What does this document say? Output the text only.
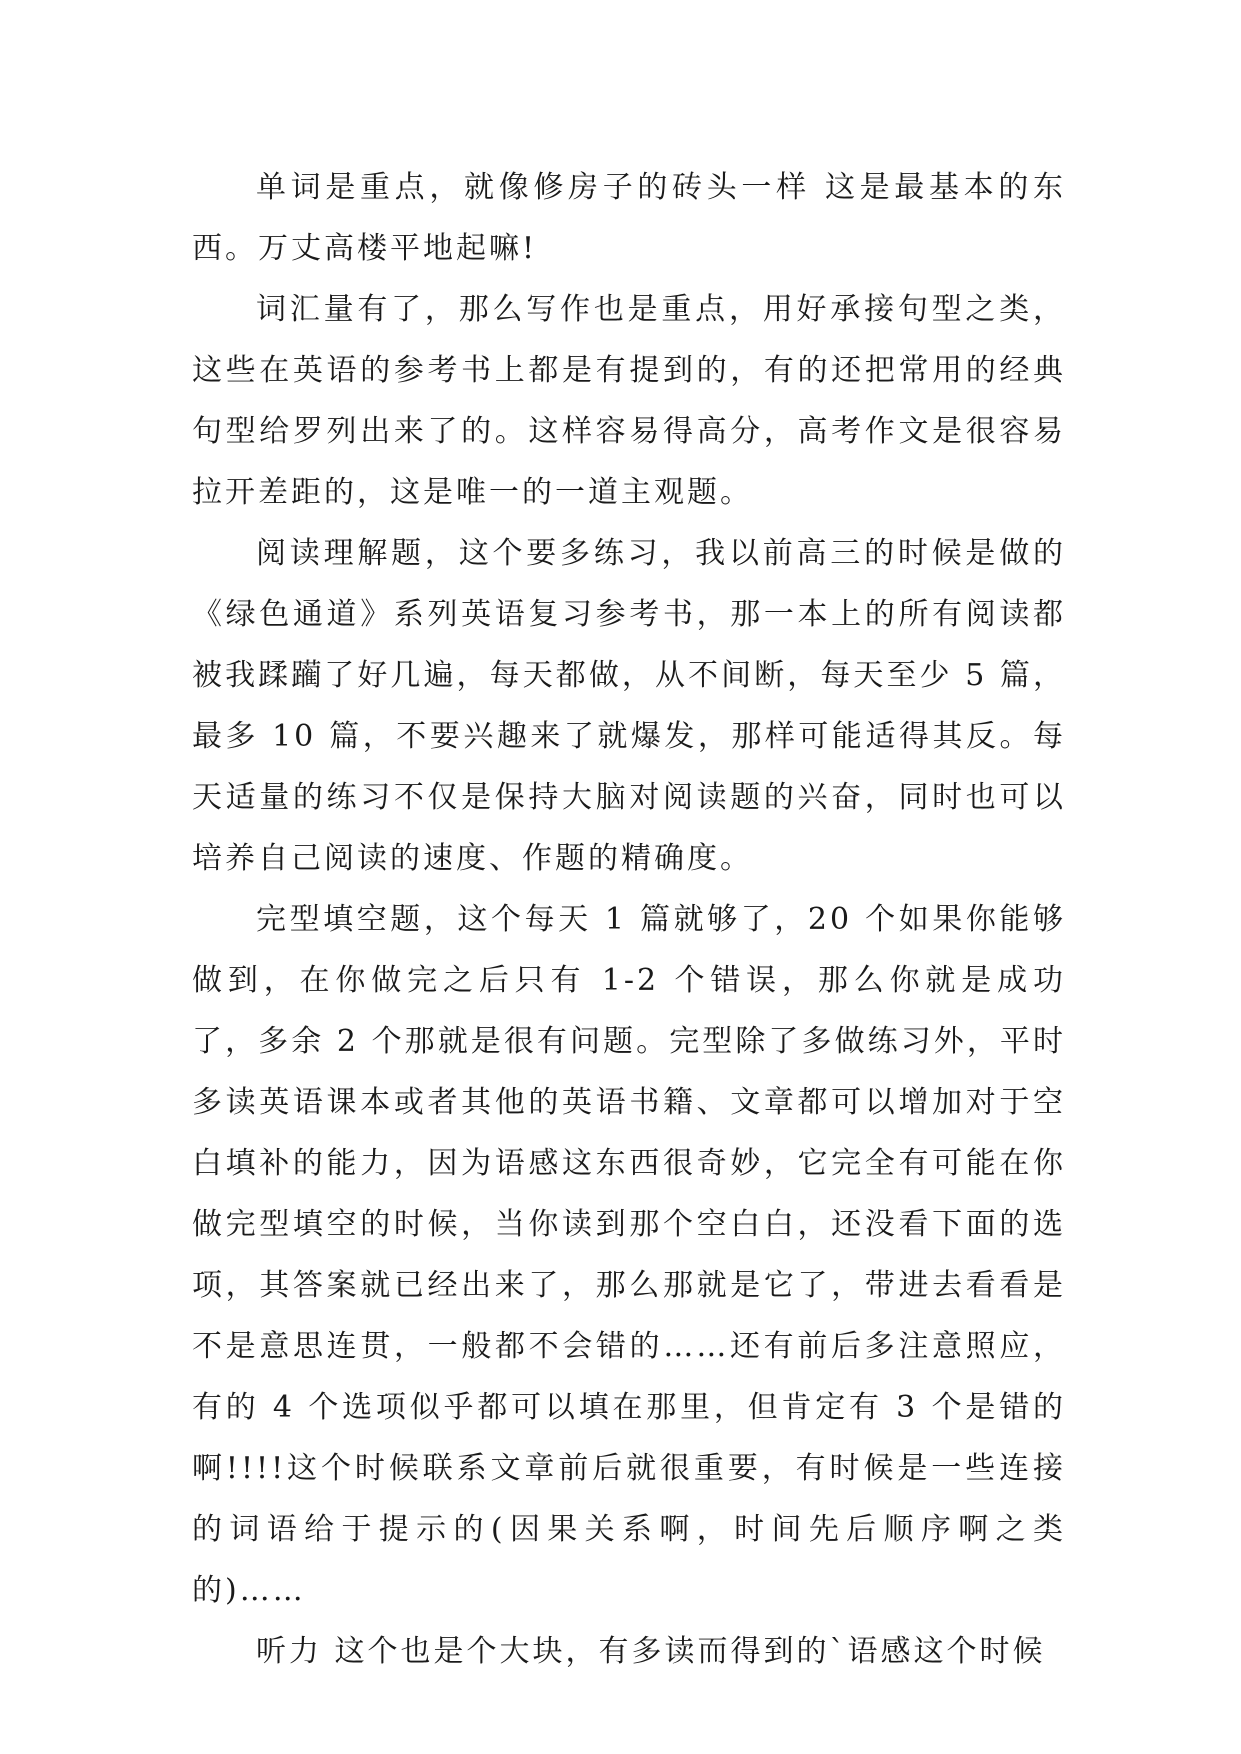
单词是重点，就像修房子的砖头一样 这是最基本的东西。万丈高楼平地起嘛!

词汇量有了，那么写作也是重点，用好承接句型之类，这些在英语的参考书上都是有提到的，有的还把常用的经典句型给罗列出来了的。这样容易得高分，高考作文是很容易拉开差距的，这是唯一的一道主观题。

阅读理解题，这个要多练习，我以前高三的时候是做的《绿色通道》系列英语复习参考书，那一本上的所有阅读都被我蹂躏了好几遍，每天都做，从不间断，每天至少 5 篇，最多 10 篇，不要兴趣来了就爆发，那样可能适得其反。每天适量的练习不仅是保持大脑对阅读题的兴奋，同时也可以培养自己阅读的速度、作题的精确度。

完型填空题，这个每天 1 篇就够了，20 个如果你能够做到，在你做完之后只有 1-2 个错误，那么你就是成功了，多余 2 个那就是很有问题。完型除了多做练习外，平时多读英语课本或者其他的英语书籍、文章都可以增加对于空白填补的能力，因为语感这东西很奇妙，它完全有可能在你做完型填空的时候，当你读到那个空白白，还没看下面的选项，其答案就已经出来了，那么那就是它了，带进去看看是不是意思连贯，一般都不会错的……还有前后多注意照应，有的 4 个选项似乎都可以填在那里，但肯定有 3 个是错的啊!!!!这个时候联系文章前后就很重要，有时候是一些连接的词语给于提示的(因果关系啊，时间先后顺序啊之类的)……

听力 这个也是个大块，有多读而得到的`语感这个时候
